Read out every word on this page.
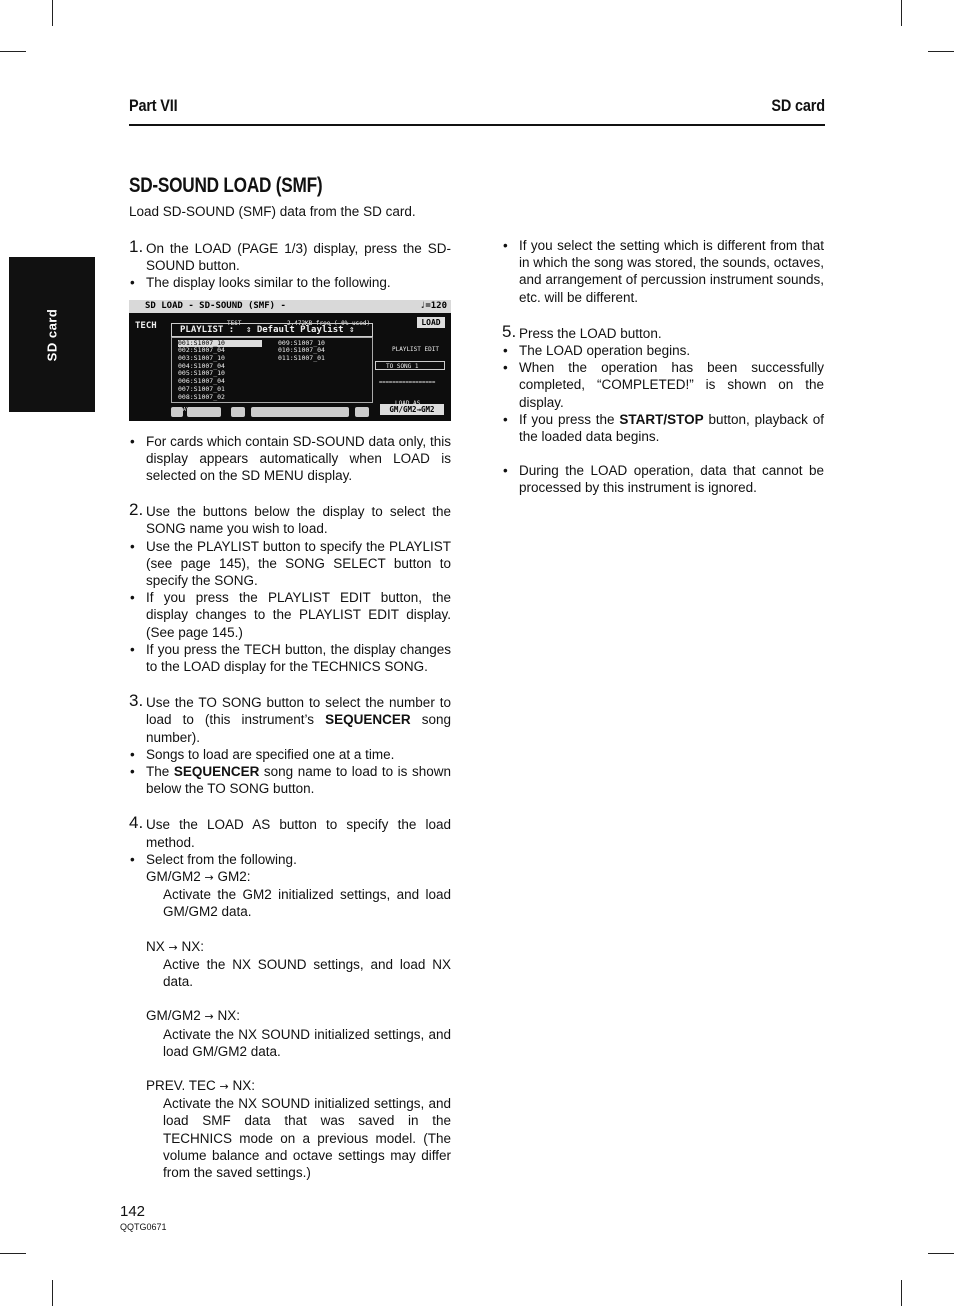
Part VII	SD card
SD card
SD-SOUND LOAD (SMF)
Load SD-SOUND (SMF) data from the SD card.

1. On the LOAD (PAGE 1/3) display, press the SD-SOUND button.

• The display looks similar to the following.

SD LOAD - SD-SOUND (SMF) -	♩=120
TECH	TEST	2.472KB free ( 0% used)
PLAYLIST : ⇕ Default Playlist ⇕
LOAD
PLAYLIST EDIT
001:S1007_10
002:S1007_04
003:S1007_10
004:S1007_04
005:S1007_10
006:S1007_04
007:S1007_01
008:S1007_02
009:S1007_10
010:S1007_04
011:S1007_01
TO SONG 1
=================
GM/GM2→GM2

• For cards which contain SD-SOUND data only, this display appears automatically when LOAD is selected on the SD MENU display.

2. Use the buttons below the display to select the SONG name you wish to load.

• Use the PLAYLIST button to specify the PLAYLIST (see page 145), the SONG SELECT button to specify the SONG.

• If you press the PLAYLIST EDIT button, the display changes to the PLAYLIST EDIT display. (See page 145.)

• If you press the TECH button, the display changes to the LOAD display for the TECHNICS SONG.

3. Use the TO SONG button to select the number to load to (this instrument’s SEQUENCER song number).

• Songs to load are specified one at a time.

• The SEQUENCER song name to load to is shown below the TO SONG button.

4. Use the LOAD AS button to specify the load method.

• Select from the following.

GM/GM2 → GM2:

Activate the GM2 initialized settings, and load GM/GM2 data.

NX → NX:

Active the NX SOUND settings, and load NX data.

GM/GM2 → NX:

Activate the NX SOUND initialized settings, and load GM/GM2 data.

PREV. TEC → NX:

Activate the NX SOUND initialized settings, and load SMF data that was saved in the TECHNICS mode on a previous model. (The volume balance and octave settings may differ from the saved settings.)

• If you select the setting which is different from that in which the song was stored, the sounds, octaves, and arrangement of percussion instrument sounds, etc. will be different.

5. Press the LOAD button.

• The LOAD operation begins.

• When the operation has been successfully completed, “COMPLETED!” is shown on the display.

• If you press the START/STOP button, playback of the loaded data begins.

• During the LOAD operation, data that cannot be processed by this instrument is ignored.

142
QQTG0671
